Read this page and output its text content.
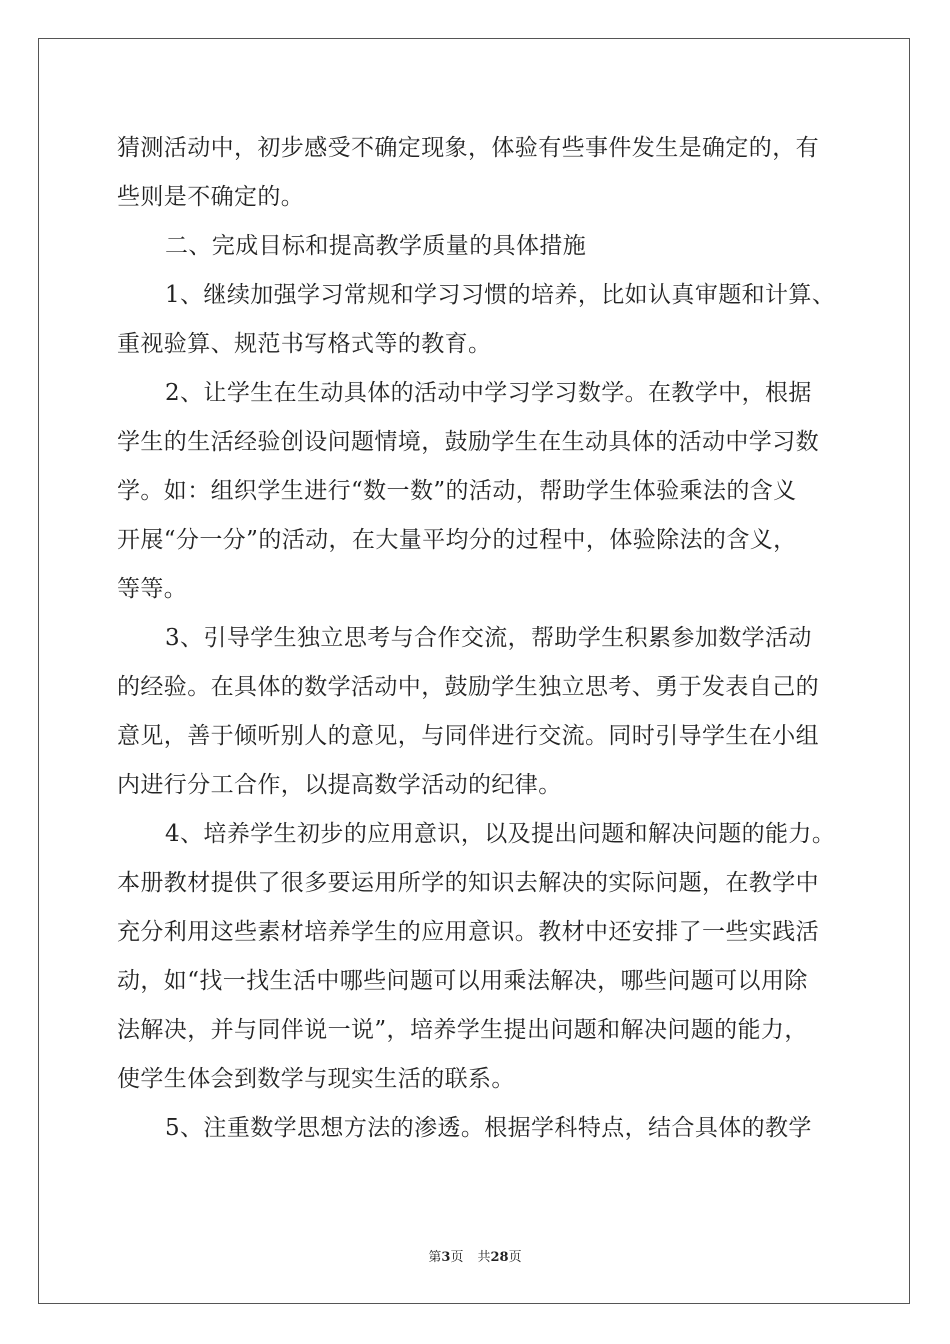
猜测活动中，初步感受不确定现象，体验有些事件发生是确定的，有
些则是不确定的。
二、完成目标和提高教学质量的具体措施
1、继续加强学习常规和学习习惯的培养，比如认真审题和计算、
重视验算、规范书写格式等的教育。
2、让学生在生动具体的活动中学习学习数学。在教学中，根据
学生的生活经验创设问题情境，鼓励学生在生动具体的活动中学习数
学。如：组织学生进行“数一数”的活动，帮助学生体验乘法的含义
开展“分一分”的活动，在大量平均分的过程中，体验除法的含义，
等等。
3、引导学生独立思考与合作交流，帮助学生积累参加数学活动
的经验。在具体的数学活动中，鼓励学生独立思考、勇于发表自己的
意见，善于倾听别人的意见，与同伴进行交流。同时引导学生在小组
内进行分工合作，以提高数学活动的纪律。
4、培养学生初步的应用意识，以及提出问题和解决问题的能力。
本册教材提供了很多要运用所学的知识去解决的实际问题，在教学中
充分利用这些素材培养学生的应用意识。教材中还安排了一些实践活
动，如“找一找生活中哪些问题可以用乘法解决，哪些问题可以用除
法解决，并与同伴说一说”，培养学生提出问题和解决问题的能力，
使学生体会到数学与现实生活的联系。
5、注重数学思想方法的渗透。根据学科特点，结合具体的教学
第3页 共28页
